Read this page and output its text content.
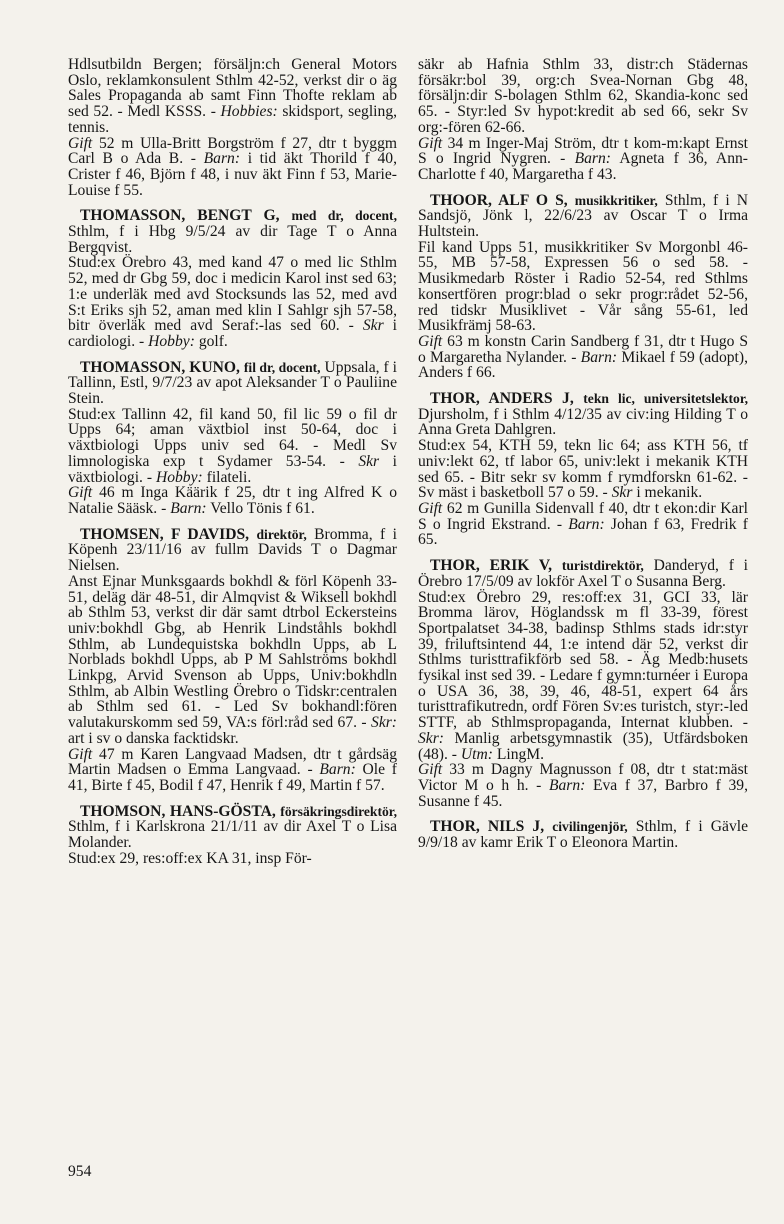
Hdlsutbildn Bergen; försäljn:ch General Motors Oslo, reklamkonsulent Sthlm 42-52, verkst dir o äg Sales Propaganda ab samt Finn Thofte reklam ab sed 52. - Medl KSSS. - Hobbies: skidsport, segling, tennis.

Gift 52 m Ulla-Britt Borgström f 27, dtr t byggm Carl B o Ada B. - Barn: i tid äkt Thorild f 40, Crister f 46, Björn f 48, i nuv äkt Finn f 53, Marie-Louise f 55.

THOMASSON, BENGT G, med dr, docent, Sthlm, f i Hbg 9/5/24 av dir Tage T o Anna Bergqvist.

Stud:ex Örebro 43, med kand 47 o med lic Sthlm 52, med dr Gbg 59, doc i medicin Karol inst sed 63; 1:e underläk med avd Stocksunds las 52, med avd S:t Eriks sjh 52, aman med klin I Sahlgr sjh 57-58, bitr överläk med avd Seraf:-las sed 60. - Skr i cardiologi. - Hobby: golf.

THOMASSON, KUNO, fil dr, docent, Uppsala, f i Tallinn, Estl, 9/7/23 av apot Aleksander T o Pauliine Stein.

Stud:ex Tallinn 42, fil kand 50, fil lic 59 o fil dr Upps 64; aman växtbiol inst 50-64, doc i växtbiologi Upps univ sed 64. - Medl Sv limnologiska exp t Sydamer 53-54. - Skr i växtbiologi. - Hobby: filateli.

Gift 46 m Inga Käärik f 25, dtr t ing Alfred K o Natalie Sääsk. - Barn: Vello Tönis f 61.

THOMSEN, F DAVIDS, direktör, Bromma, f i Köpenh 23/11/16 av fullm Davids T o Dagmar Nielsen.

Anst Ejnar Munksgaards bokhdl & förl Köpenh 33-51, deläg där 48-51, dir Almqvist & Wiksell bokhdl ab Sthlm 53, verkst dir där samt dtrbol Eckersteins univ:bokhdl Gbg, ab Henrik Lindståhls bokhdl Sthlm, ab Lundequistska bokhdln Upps, ab L Norblads bokhdl Upps, ab P M Sahlströms bokhdl Linkpg, Arvid Svenson ab Upps, Univ:bokhdln Sthlm, ab Albin Westling Örebro o Tidskr:centralen ab Sthlm sed 61. - Led Sv bokhandl:fören valutakurskomm sed 59, VA:s förl:råd sed 67. - Skr: art i sv o danska facktidskr.

Gift 47 m Karen Langvaad Madsen, dtr t gårdsäg Martin Madsen o Emma Langvaad. - Barn: Ole f 41, Birte f 45, Bodil f 47, Henrik f 49, Martin f 57.

THOMSON, HANS-GÖSTA, försäkringsdirektör, Sthlm, f i Karlskrona 21/1/11 av dir Axel T o Lisa Molander.

Stud:ex 29, res:off:ex KA 31, insp För-

säkr ab Hafnia Sthlm 33, distr:ch Städernas försäkr:bol 39, org:ch Svea-Nornan Gbg 48, försäljn:dir S-bolagen Sthlm 62, Skandia-konc sed 65. - Styr:led Sv hypot:kredit ab sed 66, sekr Sv org:-fören 62-66.

Gift 34 m Inger-Maj Ström, dtr t kom-m:kapt Ernst S o Ingrid Nygren. - Barn: Agneta f 36, Ann-Charlotte f 40, Margaretha f 43.

THOOR, ALF O S, musikkritiker, Sthlm, f i N Sandsjö, Jönk l, 22/6/23 av Oscar T o Irma Hultstein.

Fil kand Upps 51, musikkritiker Sv Morgonbl 46-55, MB 57-58, Expressen 56 o sed 58. - Musikmedarb Röster i Radio 52-54, red Sthlms konsertfören progr:blad o sekr progr:rådet 52-56, red tidskr Musiklivet - Vår sång 55-61, led Musikfrämj 58-63.

Gift 63 m konstn Carin Sandberg f 31, dtr t Hugo S o Margaretha Nylander. - Barn: Mikael f 59 (adopt), Anders f 66.

THOR, ANDERS J, tekn lic, universitetslektor, Djursholm, f i Sthlm 4/12/35 av civ:ing Hilding T o Anna Greta Dahlgren.

Stud:ex 54, KTH 59, tekn lic 64; ass KTH 56, tf univ:lekt 62, tf labor 65, univ:lekt i mekanik KTH sed 65. - Bitr sekr sv komm f rymdforskn 61-62. - Sv mäst i basketboll 57 o 59. - Skr i mekanik.

Gift 62 m Gunilla Sidenvall f 40, dtr t ekon:dir Karl S o Ingrid Ekstrand. - Barn: Johan f 63, Fredrik f 65.

THOR, ERIK V, turistdirektör, Danderyd, f i Örebro 17/5/09 av lokför Axel T o Susanna Berg.

Stud:ex Örebro 29, res:off:ex 31, GCI 33, lär Bromma lärov, Höglandssk m fl 33-39, förest Sportpalatset 34-38, badinsp Sthlms stads idr:styr 39, friluftsintend 44, 1:e intend där 52, verkst dir Sthlms turisttrafikförb sed 58. - Äg Medb:husets fysikal inst sed 39. - Ledare f gymn:turnéer i Europa o USA 36, 38, 39, 46, 48-51, expert 64 års turisttrafikutredn, ordf Fören Sv:es turistch, styr:-led STTF, ab Sthlmspropaganda, Internat klubben. - Skr: Manlig arbetsgymnastik (35), Utfärdsboken (48). - Utm: LingM.

Gift 33 m Dagny Magnusson f 08, dtr t stat:mäst Victor M o h h. - Barn: Eva f 37, Barbro f 39, Susanne f 45.

THOR, NILS J, civilingenjör, Sthlm, f i Gävle 9/9/18 av kamr Erik T o Eleonora Martin.

954
